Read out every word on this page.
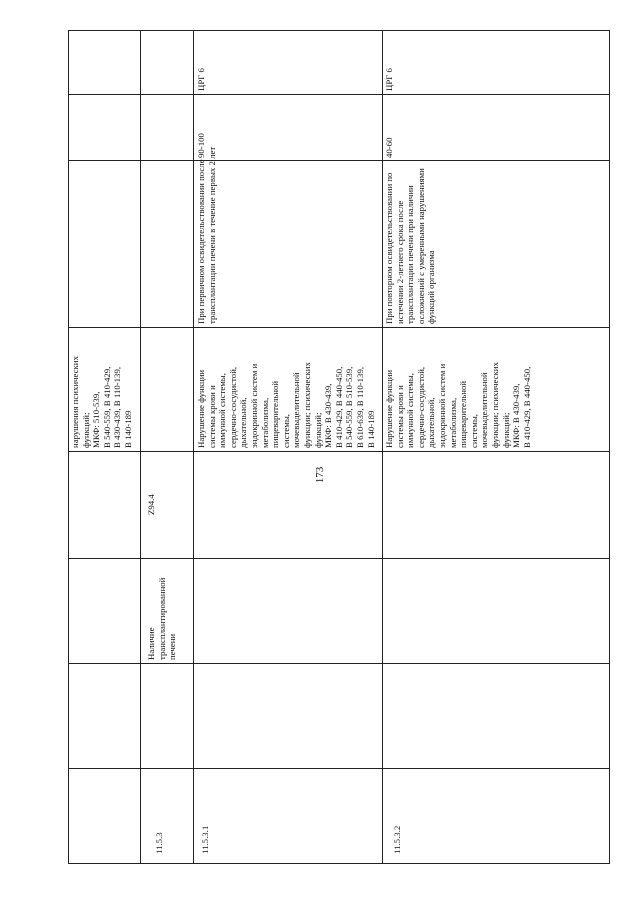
173
нарушения психических
функций;
МКФ: 510-539,
В 540-559, В 410-429,
В 430-439, В 110-139,
В 140-189
11.5.3
Наличие
трансплантированной
печени
Z94.4
11.5.3.1
Нарушение функции
системы крови и
иммунной системы,
сердечно-сосудистой,
дыхательной,
эндокринной систем и
метаболизма,
пищеварительной
системы,
мочевыделительной
функции; психических
функций;
МКФ: В 430-439,
В 410-429, В 440-450,
В 540-559, В 510-539,
В 610-639, В 110-139,
В 140-189
При первичном освидетельствовании после
трансплантации печени в течение первых 2 лет
90-100
ЦРГ 6
11.5.3.2
Нарушение функции
системы крови и
иммунной системы,
сердечно-сосудистой,
дыхательной,
эндокринной систем и
метаболизма,
пищеварительной
системы,
мочевыделительной
функции; психических
функций;
МКФ: В 430-439,
В 410-429, В 440-450,
При повторном освидетельствовании по
истечении 2-летнего срока после
трансплантации печени при наличии
осложнений с умеренными нарушениями
функций организма
40-60
ЦРГ 6
